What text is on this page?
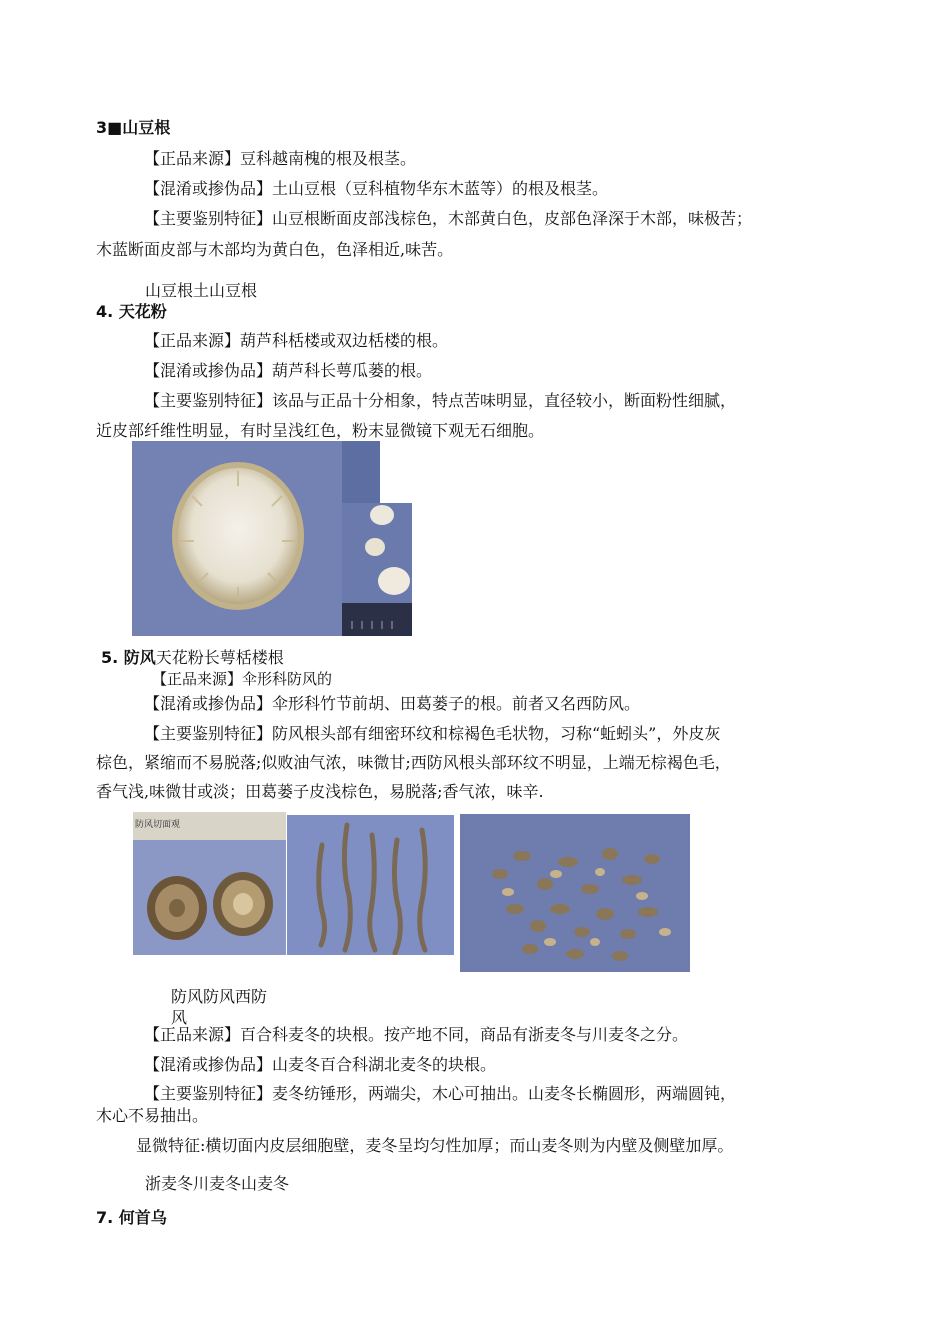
3■山豆根
【正品来源】豆科越南槐的根及根茎。
【混淆或掺伪品】土山豆根（豆科植物华东木蓝等）的根及根茎。
【主要鉴别特征】山豆根断面皮部浅棕色，木部黄白色，皮部色泽深于木部，味极苦；
木蓝断面皮部与木部均为黄白色，色泽相近,味苦。
山豆根土山豆根
4. 天花粉
【正品来源】葫芦科栝楼或双边栝楼的根。
【混淆或掺伪品】葫芦科长萼瓜蒌的根。
【主要鉴别特征】该品与正品十分相象，特点苦味明显，直径较小，断面粉性细腻，
近皮部纤维性明显，有时呈浅红色，粉末显微镜下观无石细胞。
5. 防风天花粉长萼栝楼根
【正品来源】伞形科防风的
【混淆或掺伪品】伞形科竹节前胡、田葛蒌子的根。前者又名西防风。
【主要鉴别特征】防风根头部有细密环纹和棕褐色毛状物，习称“蚯蚓头”，外皮灰
棕色，紧缩而不易脱落;似败油气浓，味微甘;西防风根头部环纹不明显，上端无棕褐色毛，
香气浅,味微甘或淡；田葛蒌子皮浅棕色，易脱落;香气浓，味辛.
防风切面观
防风防风西防
风
【正品来源】百合科麦冬的块根。按产地不同，商品有浙麦冬与川麦冬之分。
【混淆或掺伪品】山麦冬百合科湖北麦冬的块根。
【主要鉴别特征】麦冬纺锤形，两端尖，木心可抽出。山麦冬长椭圆形，两端圆钝，
木心不易抽出。
显微特征:横切面内皮层细胞壁，麦冬呈均匀性加厚；而山麦冬则为内壁及侧壁加厚。
浙麦冬川麦冬山麦冬
7. 何首乌
